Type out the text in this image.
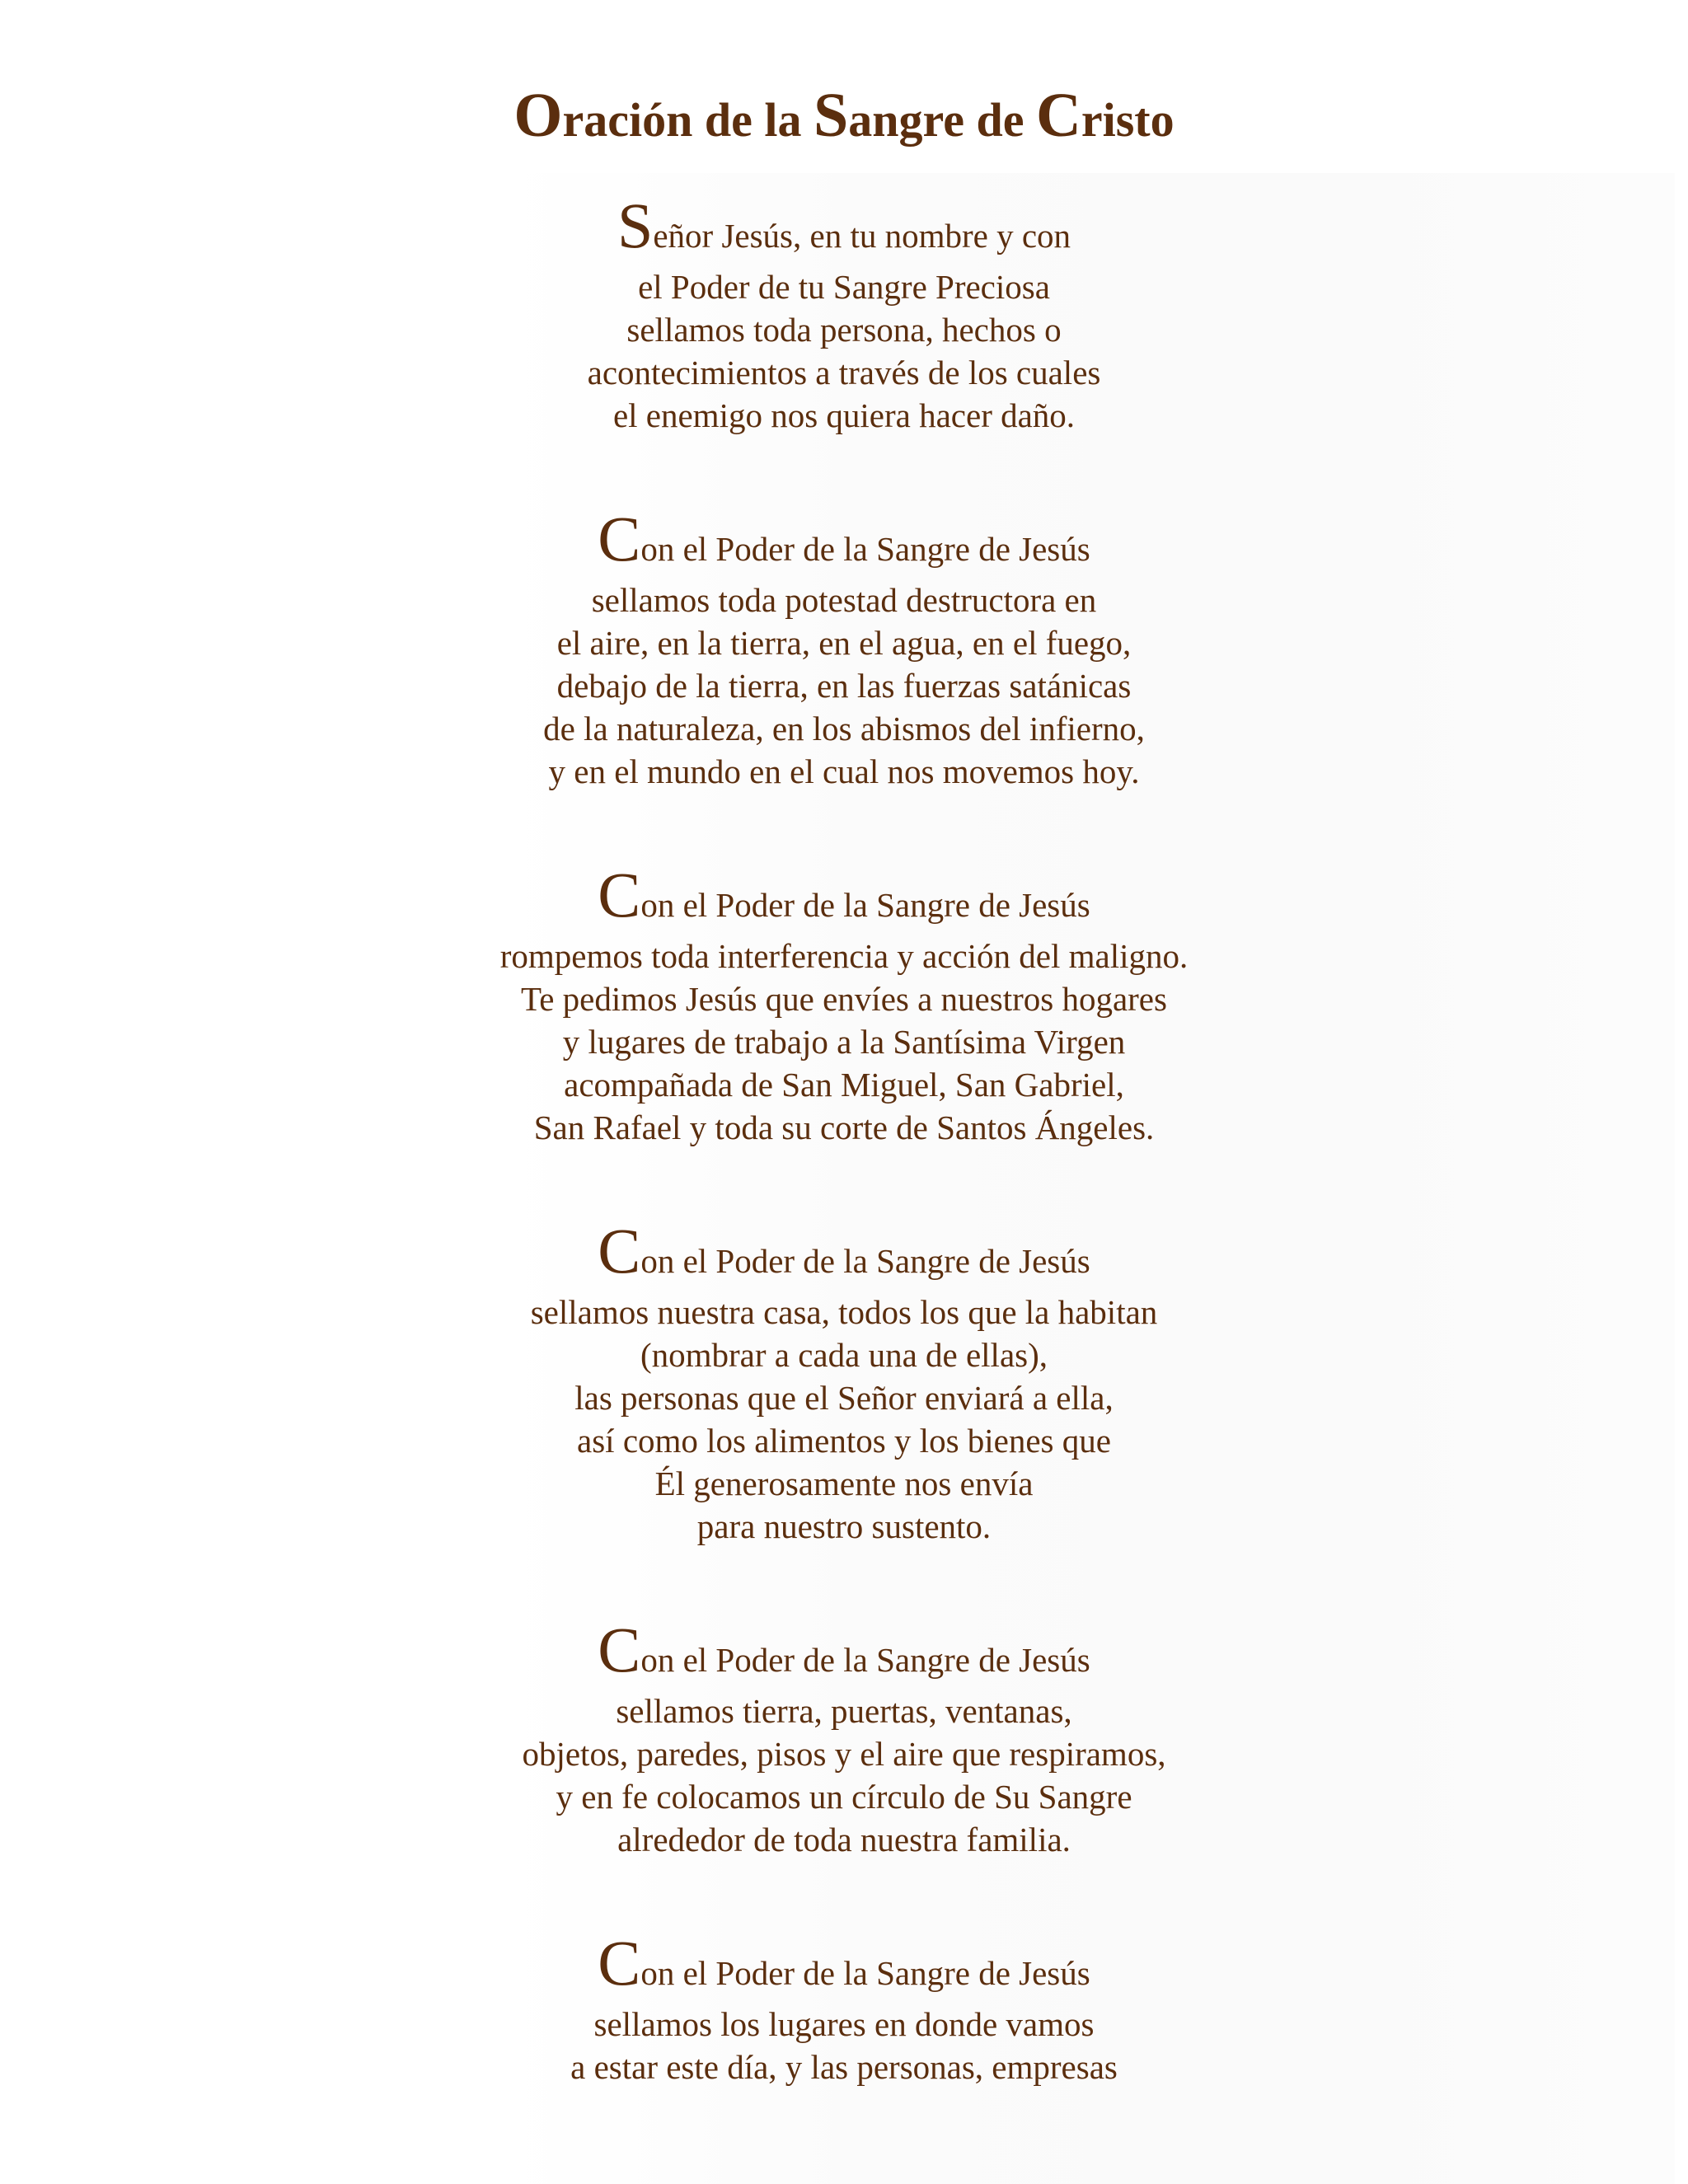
Oración de la Sangre de Cristo
Señor Jesús, en tu nombre y con
el Poder de tu Sangre Preciosa
sellamos toda persona, hechos o
acontecimientos a través de los cuales
el enemigo nos quiera hacer daño.
Con el Poder de la Sangre de Jesús
sellamos toda potestad destructora en
el aire, en la tierra, en el agua, en el fuego,
debajo de la tierra, en las fuerzas satánicas
de la naturaleza, en los abismos del infierno,
y en el mundo en el cual nos movemos hoy.
Con el Poder de la Sangre de Jesús
rompemos toda interferencia y acción del maligno.
Te pedimos Jesús que envíes a nuestros hogares
y lugares de trabajo a la Santísima Virgen
acompañada de San Miguel, San Gabriel,
San Rafael y toda su corte de Santos Ángeles.
Con el Poder de la Sangre de Jesús
sellamos nuestra casa, todos los que la habitan
(nombrar a cada una de ellas),
las personas que el Señor enviará a ella,
así como los alimentos y los bienes que
Él generosamente nos envía
para nuestro sustento.
Con el Poder de la Sangre de Jesús
sellamos tierra, puertas, ventanas,
objetos, paredes, pisos y el aire que respiramos,
y en fe colocamos un círculo de Su Sangre
alrededor de toda nuestra familia.
Con el Poder de la Sangre de Jesús
sellamos los lugares en donde vamos
a estar este día, y las personas, empresas
